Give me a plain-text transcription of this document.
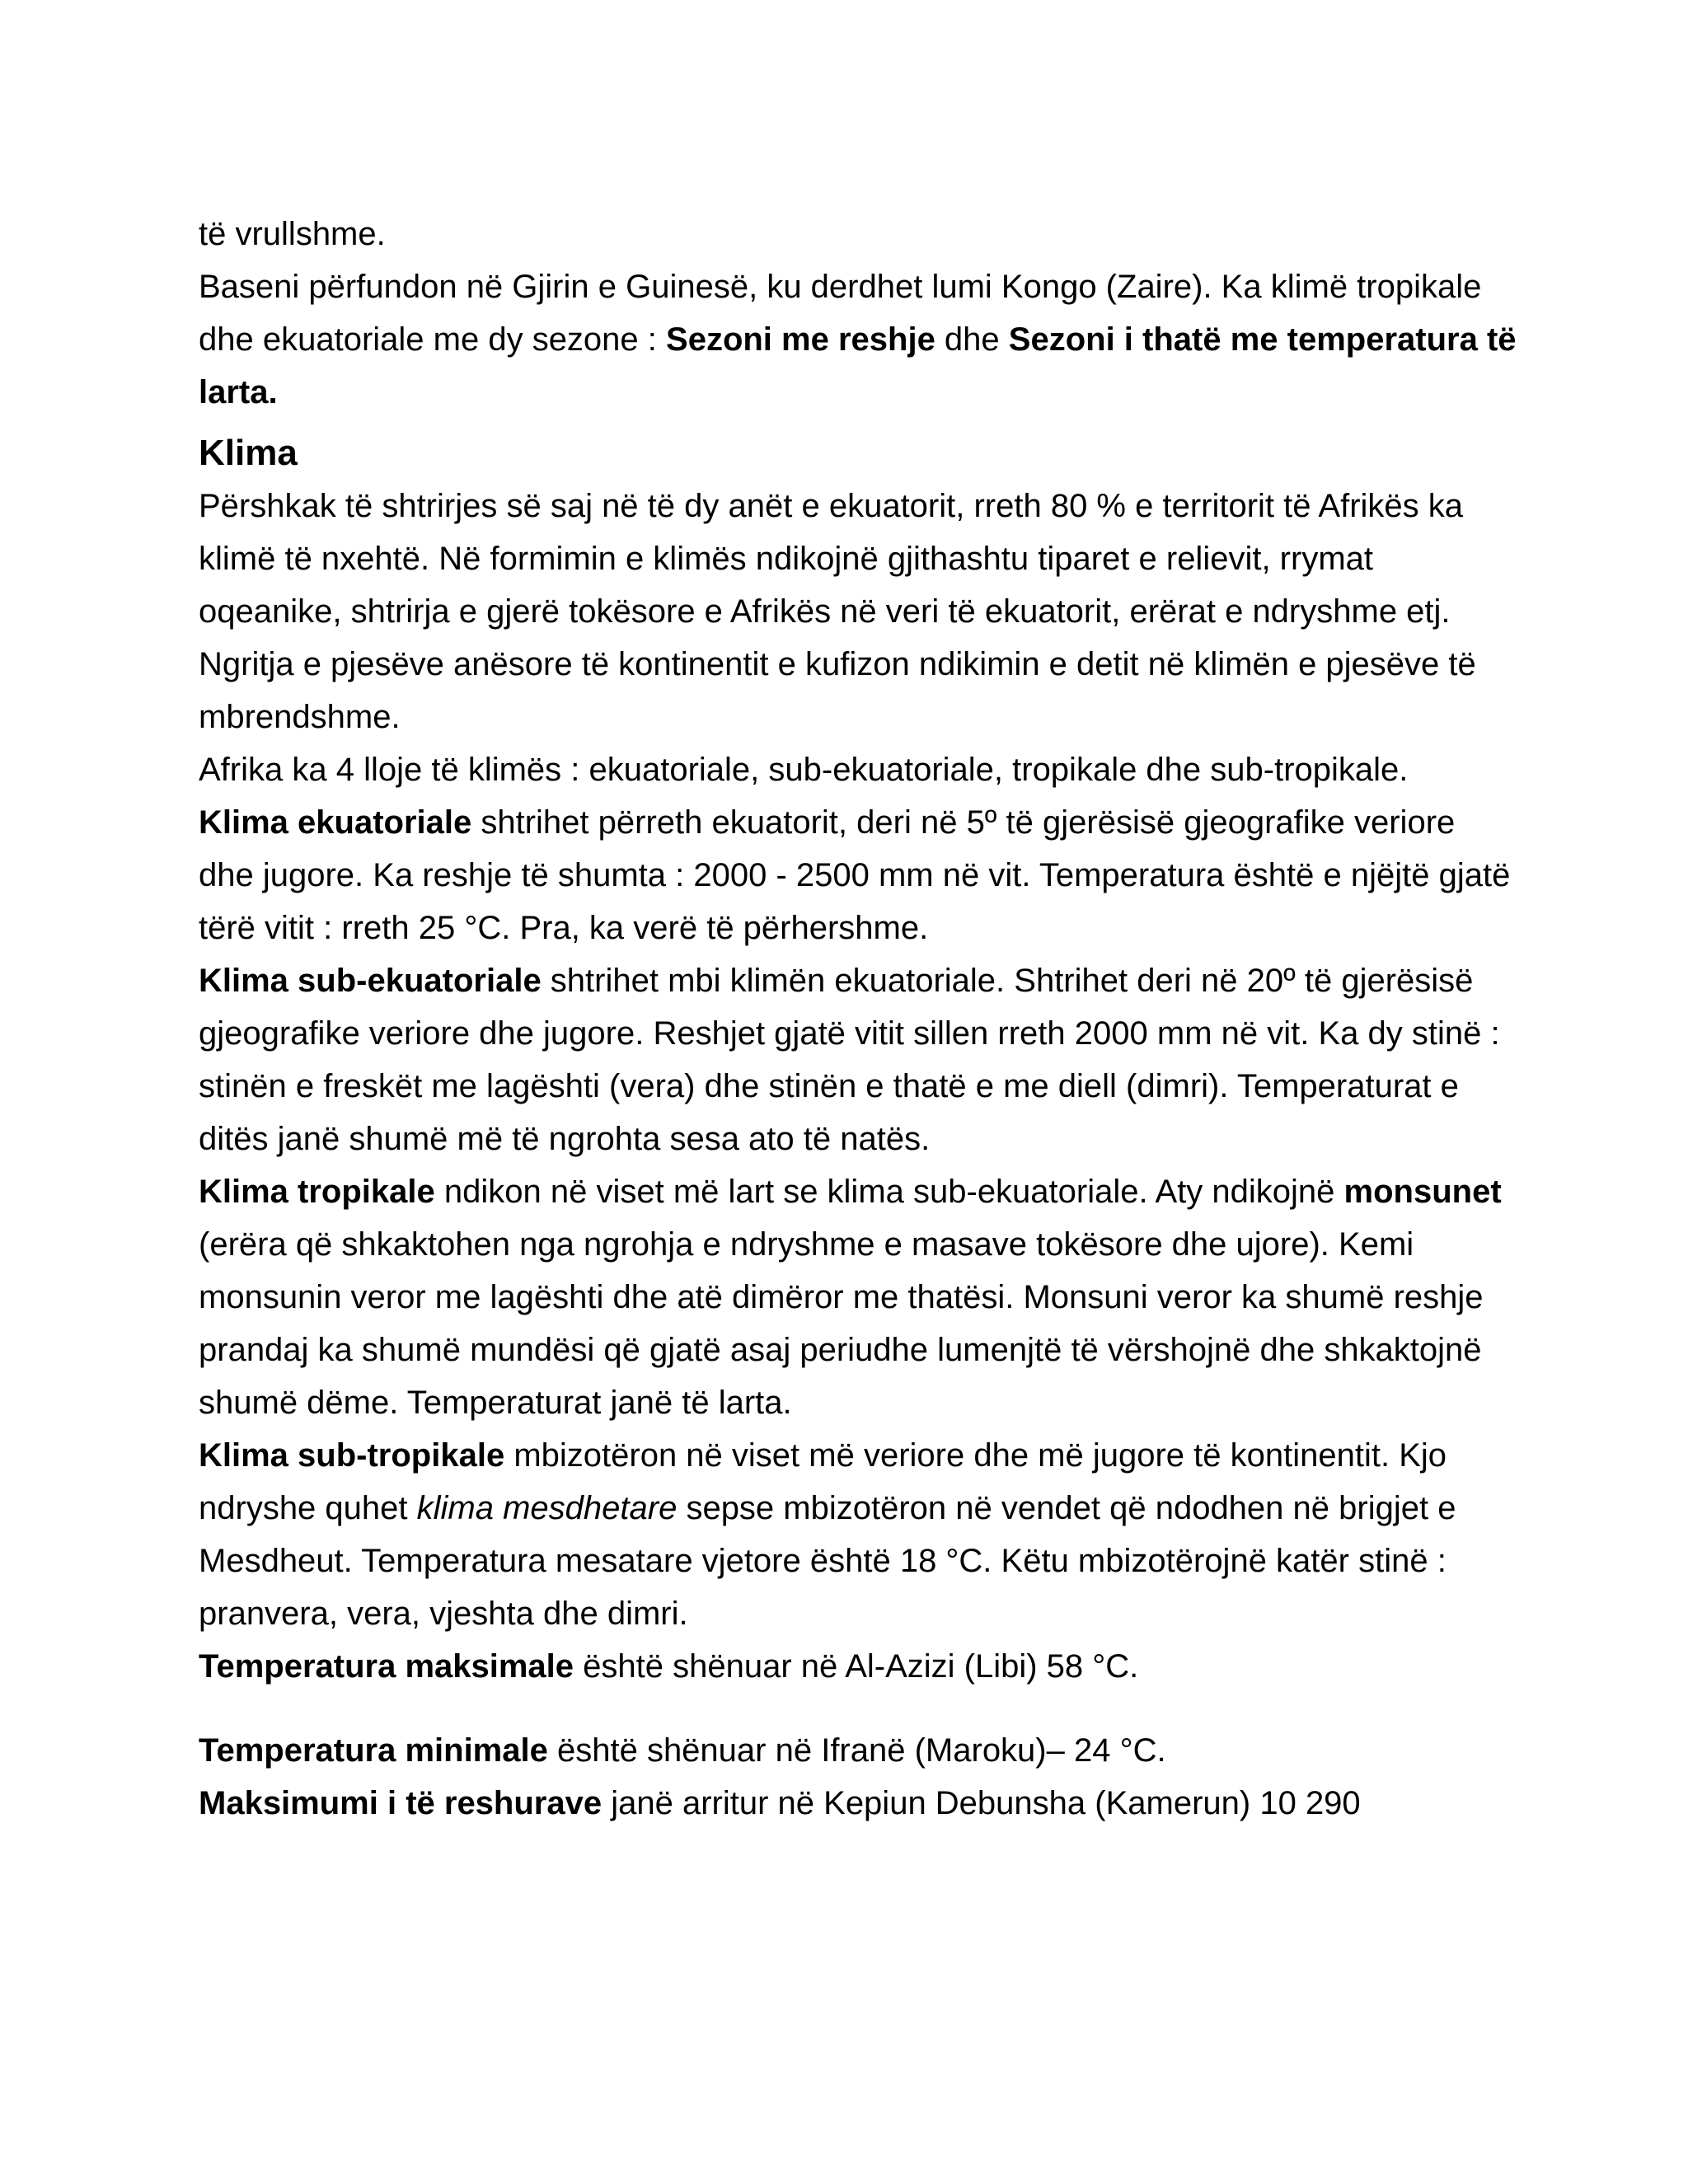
të vrullshme.

Baseni përfundon në Gjirin e Guinesë, ku derdhet lumi Kongo (Zaire). Ka klimë tropikale dhe ekuatoriale me dy sezone : Sezoni me reshje dhe Sezoni i thatë me temperatura të larta.

Klima

Përshkak të shtrirjes së saj në të dy anët e ekuatorit, rreth 80 % e territorit të Afrikës ka klimë të nxehtë. Në formimin e klimës ndikojnë gjithashtu tiparet e relievit, rrymat oqeanike, shtrirja e gjerë tokësore e Afrikës në veri të ekuatorit, erërat e ndryshme etj. Ngritja e pjesëve anësore të kontinentit e kufizon ndikimin e detit në klimën e pjesëve të mbrendshme.

Afrika ka 4 lloje të klimës : ekuatoriale, sub-ekuatoriale, tropikale dhe sub-tropikale.

Klima ekuatoriale shtrihet përreth ekuatorit, deri në 5º të gjerësisë gjeografike veriore dhe jugore. Ka reshje të shumta : 2000 - 2500 mm në vit. Temperatura është e njëjtë gjatë tërë vitit : rreth 25 °C. Pra, ka verë të përhershme.

Klima sub-ekuatoriale shtrihet mbi klimën ekuatoriale. Shtrihet deri në 20º të gjerësisë gjeografike veriore dhe jugore. Reshjet gjatë vitit sillen rreth 2000 mm në vit. Ka dy stinë : stinën e freskët me lagështi (vera) dhe stinën e thatë e me diell (dimri). Temperaturat e ditës janë shumë më të ngrohta sesa ato të natës.

Klima tropikale ndikon në viset më lart se klima sub-ekuatoriale. Aty ndikojnë monsunet (erëra që shkaktohen nga ngrohja e ndryshme e masave tokësore dhe ujore). Kemi monsunin veror me lagështi dhe atë dimëror me thatësi. Monsuni veror ka shumë reshje prandaj ka shumë mundësi që gjatë asaj periudhe lumenjtë të vërshojnë dhe shkaktojnë shumë dëme. Temperaturat janë të larta.

Klima sub-tropikale mbizotëron në viset më veriore dhe më jugore të kontinentit. Kjo ndryshe quhet klima mesdhetare sepse mbizotëron në vendet që ndodhen në brigjet e Mesdheut. Temperatura mesatare vjetore është 18 °C. Këtu mbizotërojnë katër stinë : pranvera, vera, vjeshta dhe dimri.

Temperatura maksimale është shënuar në Al-Azizi (Libi) 58 °C.

Temperatura minimale është shënuar në Ifranë (Maroku)– 24 °C.

Maksimumi i të reshurave janë arritur në Kepiun Debunsha (Kamerun) 10 290
